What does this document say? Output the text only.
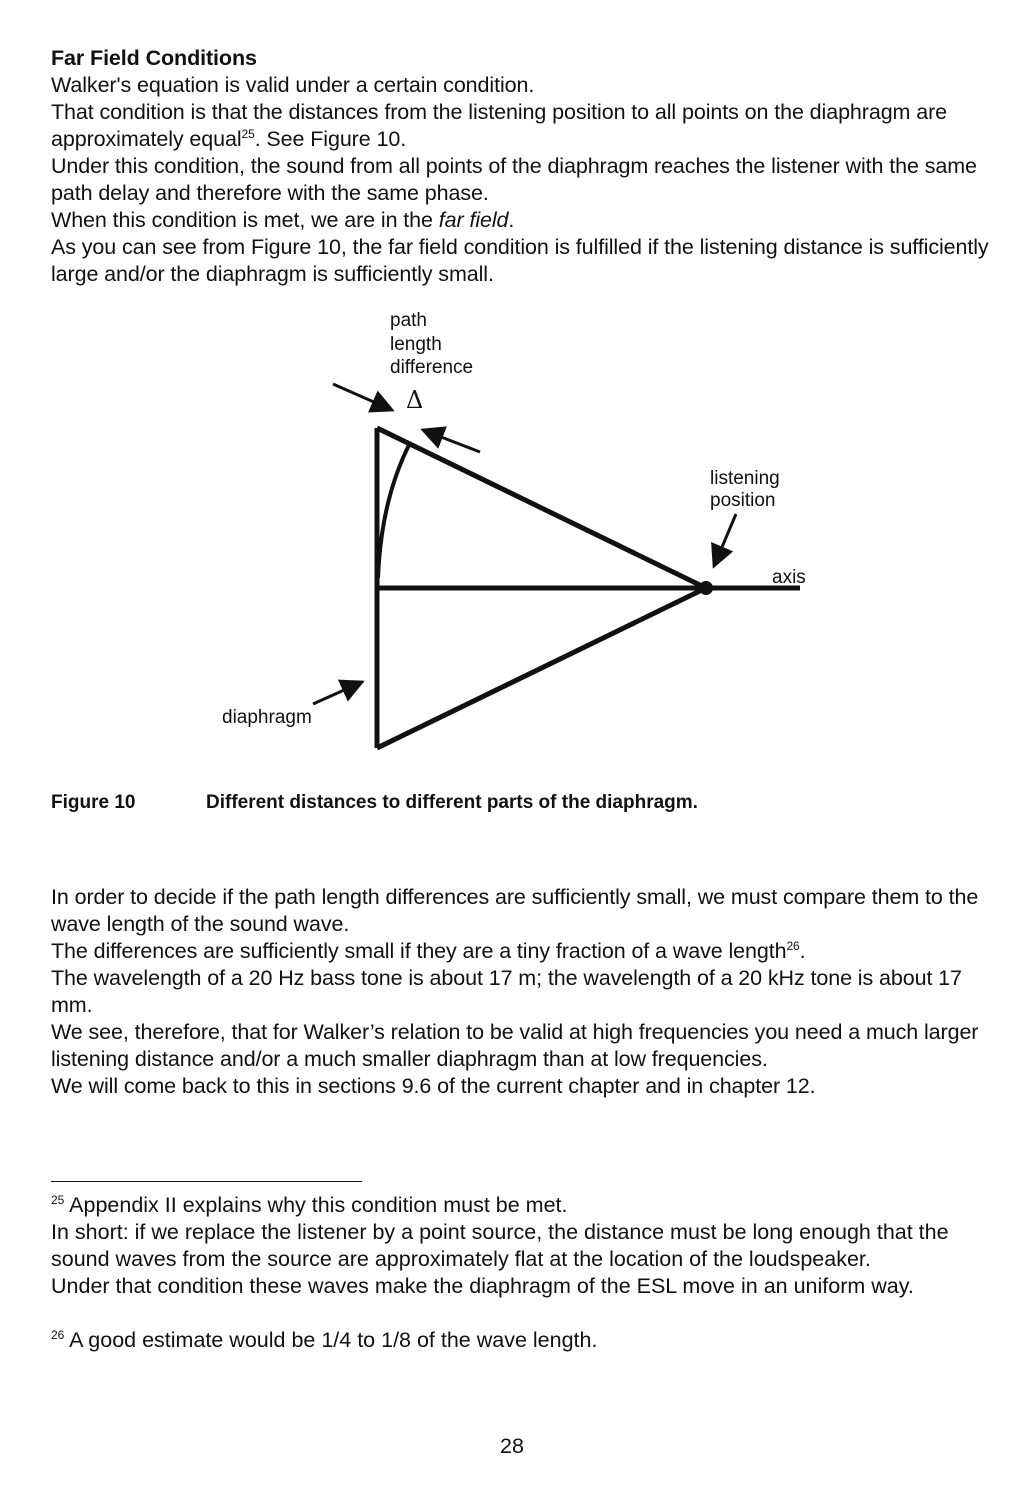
Far Field Conditions

Walker's equation is valid under a certain condition.

That condition is that the distances from the listening position to all points on the diaphragm are approximately equal$^{25}$. See Figure 10.

Under this condition, the sound from all points of the diaphragm reaches the listener with the same path delay and therefore with the same phase.

When this condition is met, we are in the far field.

As you can see from Figure 10, the far field condition is fulfilled if the listening distance is sufficiently large and/or the diaphragm is sufficiently small.

path
length
difference
Δ
listening
position
axis
diaphragm
Figure 10	Different distances to different parts of the diaphragm.

In order to decide if the path length differences are sufficiently small, we must compare them to the wave length of the sound wave.

The differences are sufficiently small if they are a tiny fraction of a wave length$^{26}$.

The wavelength of a 20 Hz bass tone is about 17 m; the wavelength of a 20 kHz tone is about 17 mm.

We see, therefore, that for Walker’s relation to be valid at high frequencies you need a much larger listening distance and/or a much smaller diaphragm than at low frequencies.

We will come back to this in sections 9.6 of the current chapter and in chapter 12.

$^{25}$ Appendix II explains why this condition must be met.

In short: if we replace the listener by a point source, the distance must be long enough that the sound waves from the source are approximately flat at the location of the loudspeaker.

Under that condition these waves make the diaphragm of the ESL move in an uniform way.

$^{26}$ A good estimate would be 1/4 to 1/8 of the wave length.

28
